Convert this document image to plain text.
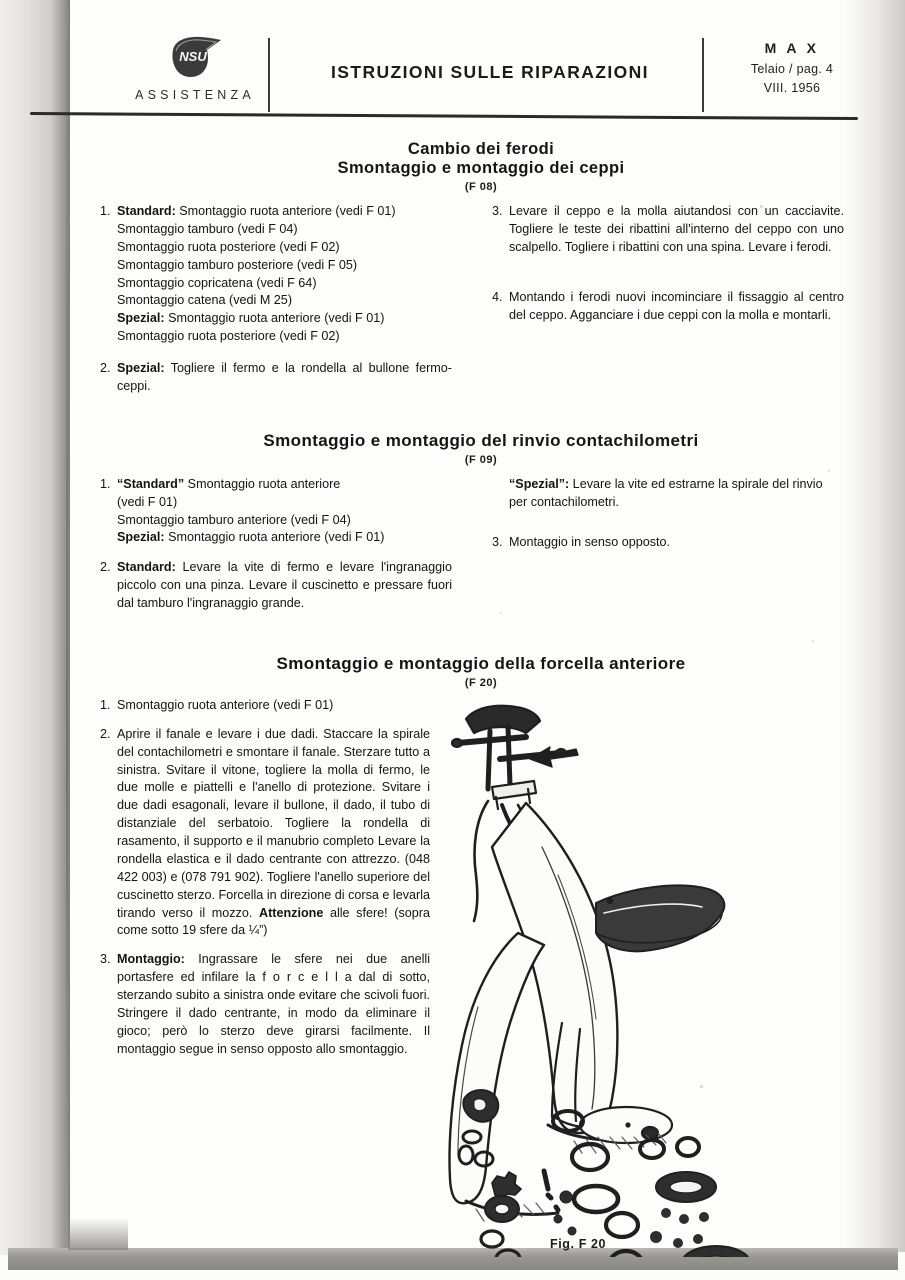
NSU
ASSISTENZA
ISTRUZIONI SULLE RIPARAZIONI
M A X
Telaio / pag. 4
VIII. 1956
Cambio dei ferodi
Smontaggio e montaggio dei ceppi
(F 08)
1. Standard: Smontaggio ruota anteriore (vedi F 01)
Smontaggio tamburo (vedi F 04)
Smontaggio ruota posteriore (vedi F 02)
Smontaggio tamburo posteriore (vedi F 05)
Smontaggio copricatena (vedi F 64)
Smontaggio catena (vedi M 25)
Spezial: Smontaggio ruota anteriore (vedi F 01)
Smontaggio ruota posteriore (vedi F 02)
2. Spezial: Togliere il fermo e la rondella al bullone fermo-ceppi.
3. Levare il ceppo e la molla aiutandosi con un cacciavite. Togliere le teste dei ribattini all'interno del ceppo con uno scalpello. Togliere i ribattini con una spina. Levare i ferodi.
4. Montando i ferodi nuovi incominciare il fissaggio al centro del ceppo. Agganciare i due ceppi con la molla e montarli.
Smontaggio e montaggio del rinvio contachilometri
(F 09)
1. “Standard” Smontaggio ruota anteriore
(vedi F 01)
Smontaggio tamburo anteriore (vedi F 04)
Spezial: Smontaggio ruota anteriore (vedi F 01)
2. Standard: Levare la vite di fermo e levare l'ingranaggio piccolo con una pinza. Levare il cuscinetto e pressare fuori dal tamburo l'ingranaggio grande.
“Spezial”: Levare la vite ed estrarne la spirale del rinvio per contachilometri.
3. Montaggio in senso opposto.
Smontaggio e montaggio della forcella anteriore
(F 20)
1. Smontaggio ruota anteriore (vedi F 01)
2. Aprire il fanale e levare i due dadi. Staccare la spirale del contachilometri e smontare il fanale. Sterzare tutto a sinistra. Svitare il vitone, togliere la molla di fermo, le due molle e piattelli e l'anello di protezione. Svitare i due dadi esagonali, levare il bullone, il dado, il tubo di distanziale del serbatoio. Togliere la rondella di rasamento, il supporto e il manubrio completo Levare la rondella elastica e il dado centrante con attrezzo. (048 422 003) e (078 791 902). Togliere l'anello superiore del cuscinetto sterzo. Forcella in direzione di corsa e levarla tirando verso il mozzo. Attenzione alle sfere! (sopra come sotto 19 sfere da ¼”)
3. Montaggio: Ingrassare le sfere nei due anelli portasfere ed infilare la f o r c e l l a dal di sotto, sterzando subito a sinistra onde evitare che scivoli fuori. Stringere il dado centrante, in modo da eliminare il gioco; però lo sterzo deve girarsi facilmente. Il montaggio segue in senso opposto allo smontaggio.
Fig. F 20
